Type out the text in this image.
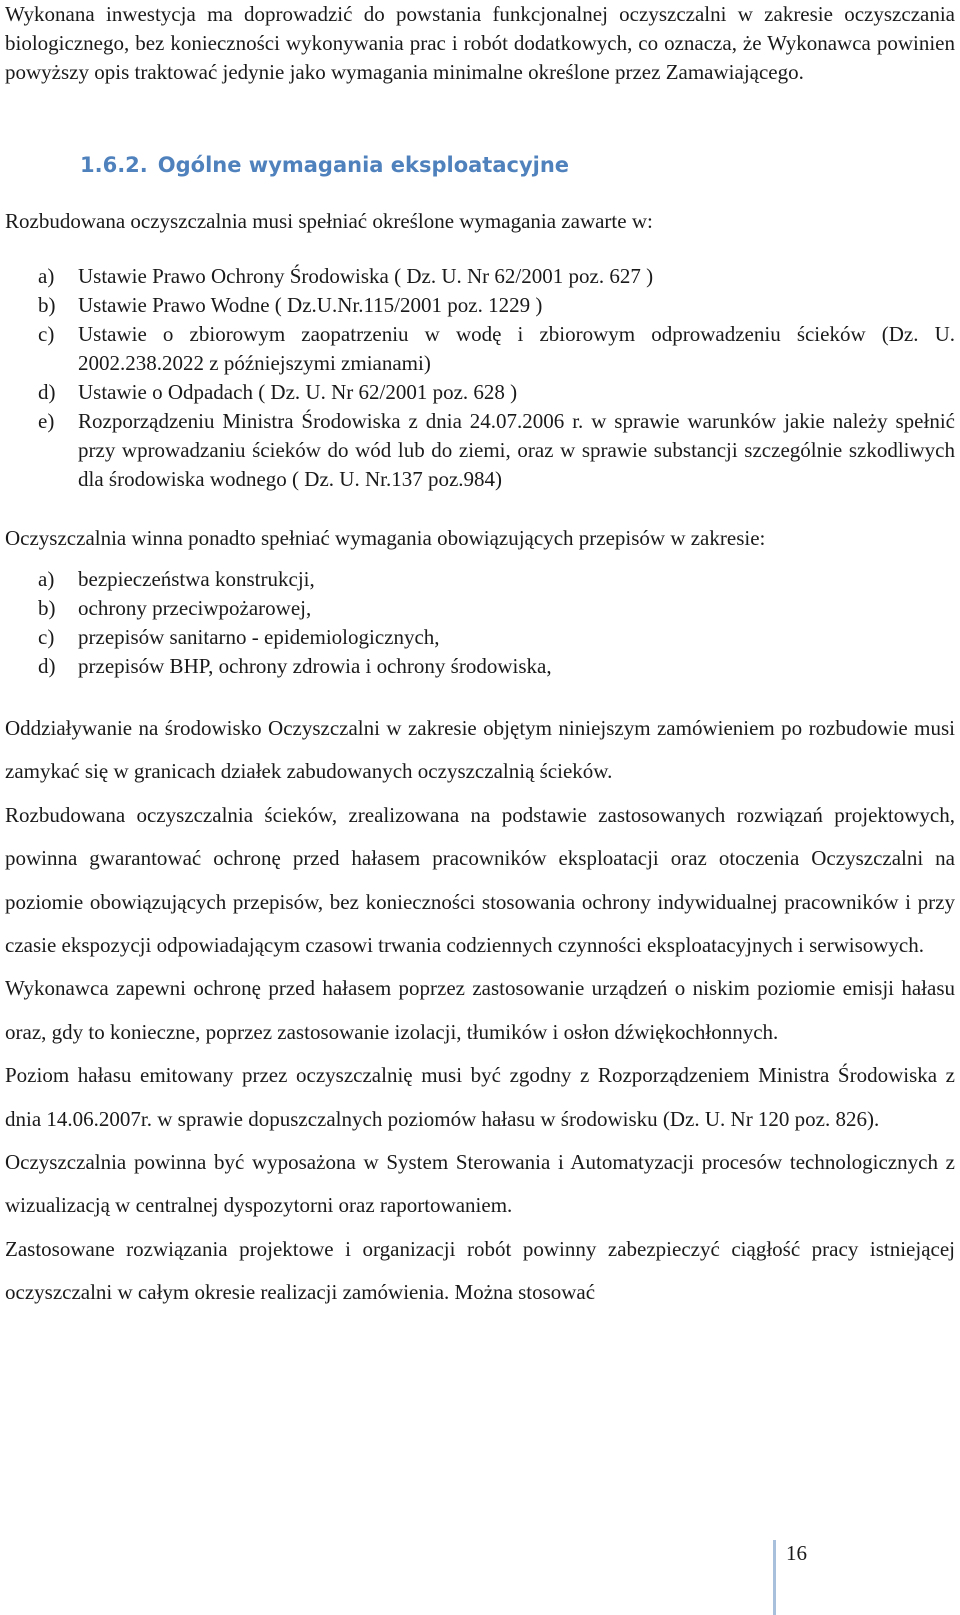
Wykonana inwestycja ma doprowadzić do powstania funkcjonalnej oczyszczalni w zakresie oczyszczania biologicznego, bez konieczności wykonywania prac i robót dodatkowych, co oznacza, że Wykonawca powinien powyższy opis traktować jedynie jako wymagania minimalne określone przez Zamawiającego.

1.6.2. Ogólne wymagania eksploatacyjne

Rozbudowana oczyszczalnia musi spełniać określone wymagania zawarte w:

a) Ustawie Prawo Ochrony Środowiska ( Dz. U. Nr 62/2001 poz. 627 )
b) Ustawie Prawo Wodne ( Dz.U.Nr.115/2001 poz. 1229 )
c) Ustawie o zbiorowym zaopatrzeniu w wodę i zbiorowym odprowadzeniu ścieków (Dz. U. 2002.238.2022 z późniejszymi zmianami)
d) Ustawie o Odpadach ( Dz. U. Nr 62/2001 poz. 628 )
e) Rozporządzeniu Ministra Środowiska z dnia 24.07.2006 r. w sprawie warunków jakie należy spełnić przy wprowadzaniu ścieków do wód lub do ziemi, oraz w sprawie substancji szczególnie szkodliwych dla środowiska wodnego ( Dz. U. Nr.137 poz.984)

Oczyszczalnia winna ponadto spełniać wymagania obowiązujących przepisów w zakresie:

a) bezpieczeństwa konstrukcji,
b) ochrony przeciwpożarowej,
c) przepisów sanitarno - epidemiologicznych,
d) przepisów BHP, ochrony zdrowia i ochrony środowiska,

Oddziaływanie na środowisko Oczyszczalni w zakresie objętym niniejszym zamówieniem po rozbudowie musi zamykać się w granicach działek zabudowanych oczyszczalnią ścieków.

Rozbudowana oczyszczalnia ścieków, zrealizowana na podstawie zastosowanych rozwiązań projektowych, powinna gwarantować ochronę przed hałasem pracowników eksploatacji oraz otoczenia Oczyszczalni na poziomie obowiązujących przepisów, bez konieczności stosowania ochrony indywidualnej pracowników i przy czasie ekspozycji odpowiadającym czasowi trwania codziennych czynności eksploatacyjnych i serwisowych.

Wykonawca zapewni ochronę przed hałasem poprzez zastosowanie urządzeń o niskim poziomie emisji hałasu oraz, gdy to konieczne, poprzez zastosowanie izolacji, tłumików i osłon dźwiękochłonnych.

Poziom hałasu emitowany przez oczyszczalnię musi być zgodny z Rozporządzeniem Ministra Środowiska z dnia 14.06.2007r. w sprawie dopuszczalnych poziomów hałasu w środowisku (Dz. U. Nr 120 poz. 826).

Oczyszczalnia powinna być wyposażona w System Sterowania i Automatyzacji procesów technologicznych z wizualizacją w centralnej dyspozytorni oraz raportowaniem.

Zastosowane rozwiązania projektowe i organizacji robót powinny zabezpieczyć ciągłość pracy istniejącej oczyszczalni w całym okresie realizacji zamówienia. Można stosować

16
